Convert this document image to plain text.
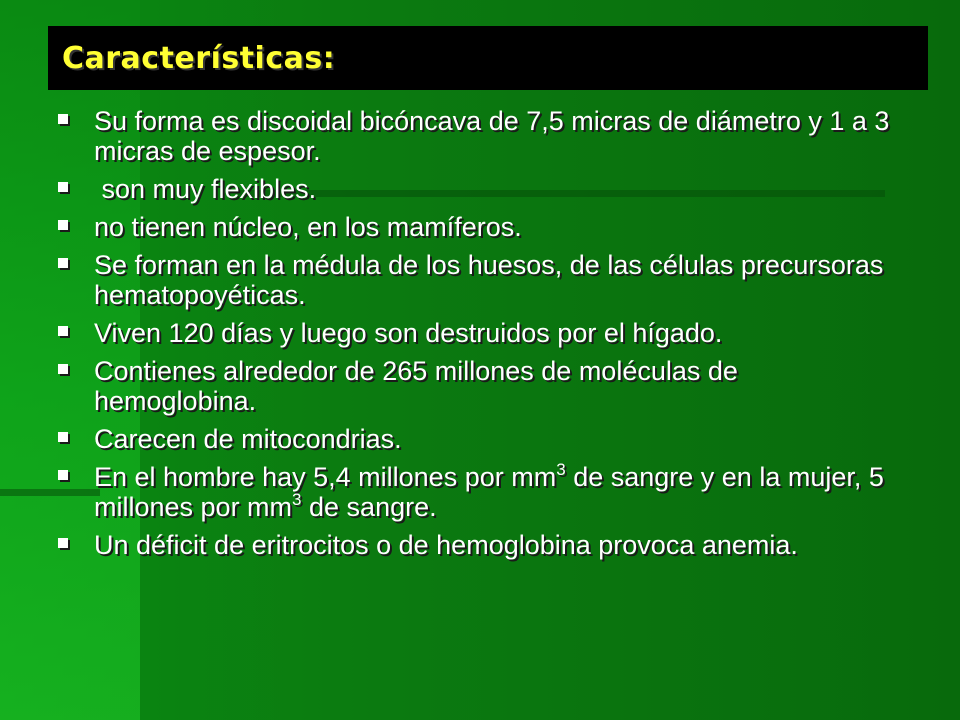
Características:
Su forma es discoidal bicóncava de 7,5 micras de diámetro y 1 a 3 micras de espesor.
son muy flexibles.
no tienen núcleo, en los mamíferos.
Se forman en la médula de los huesos, de las células precursoras hematopoyéticas.
Viven 120 días y luego son destruidos por el hígado.
Contienes alrededor de 265 millones de moléculas de hemoglobina.
Carecen de mitocondrias.
En el hombre hay 5,4 millones por $mm^3$ de sangre y en la mujer, 5 millones por $mm^3$ de sangre.
Un déficit de eritrocitos o de hemoglobina provoca anemia.
